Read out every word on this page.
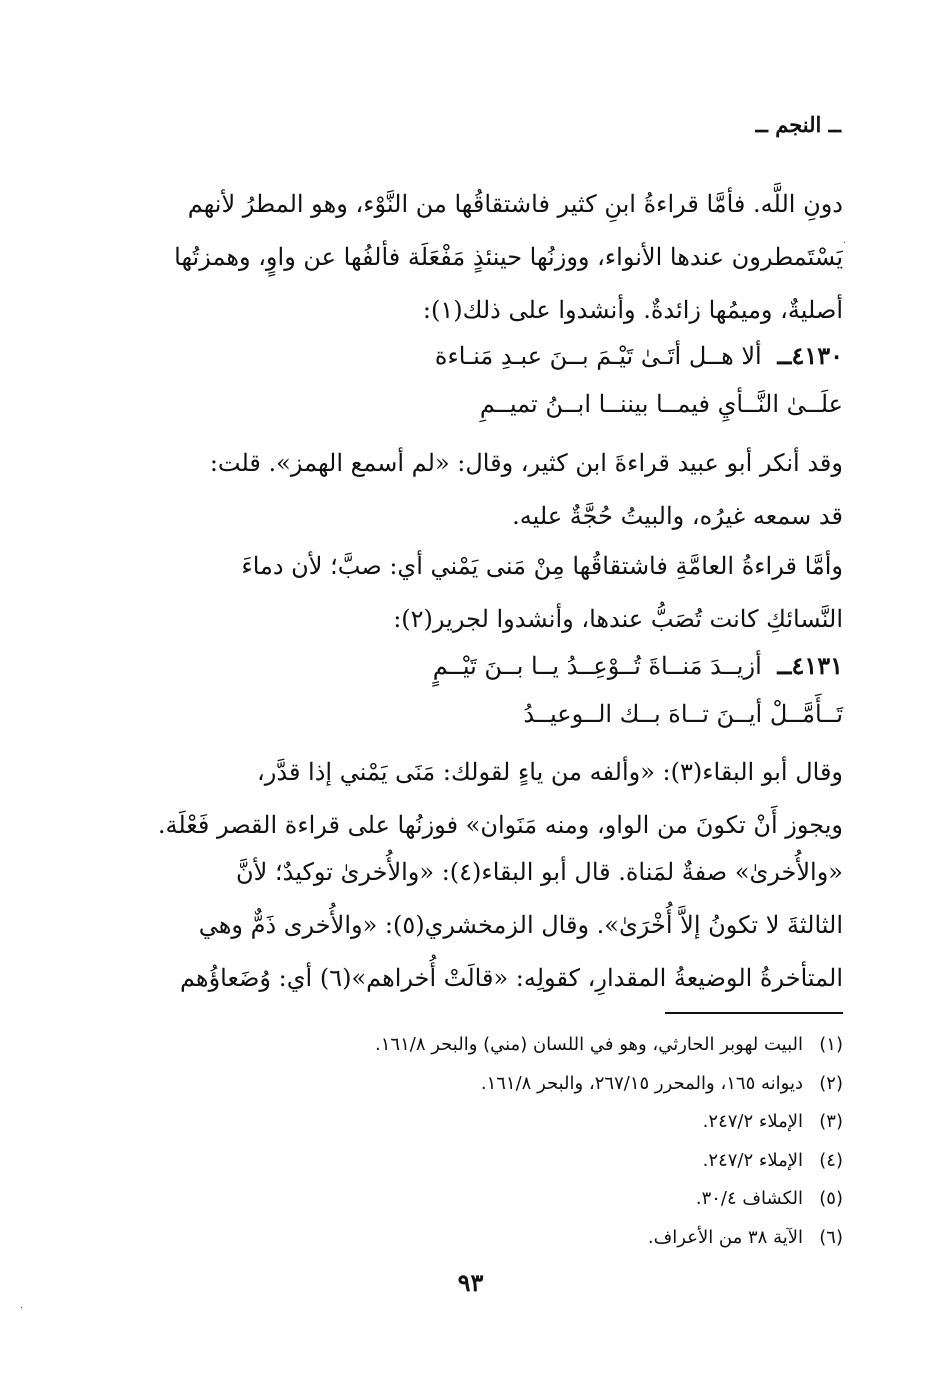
ــ النجم ــ
دونِ اللَّه. فأمَّا قراءةُ ابنِ كثير فاشتقاقُها من النَّوْء، وهو المطرُ لأنهم
يَسْتَمطرون عندها الأنواء، ووزنُها حينئذٍ مَفْعَلَة فألفُها عن واوٍ، وهمزتُها
أصليةٌ، وميمُها زائدةٌ. وأنشدوا على ذلك(١):
٤١٣٠ــ ألا هــل أتَـىٰ تَيْـمَ بــنَ عبـدِ مَنـاءة
علَــىٰ النَّــأيِ فيمــا بيننــا ابــنُ تميــمِ
وقد أنكر أبو عبيد قراءةَ ابن كثير، وقال: «لم أسمع الهمز». قلت:
قد سمعه غيرُه، والبيتُ حُجَّةٌ عليه.
وأمَّا قراءةُ العامَّةِ فاشتقاقُها مِنْ مَنى يَمْني أي: صبَّ؛ لأن دماءَ
النَّسائكِ كانت تُصَبُّ عندها، وأنشدوا لجرير(٢):
٤١٣١ــ أزيــدَ مَنــاةَ تُــوْعِــدُ يــا بــنَ تَيْــمٍ
تَــأَمَّــلْ أيــنَ تــاهَ بــك الــوعيــدُ
وقال أبو البقاء(٣): «وألفه من ياءٍ لقولك: مَنَى يَمْني إذا قدَّر،
ويجوز أَنْ تكونَ من الواو، ومنه مَنَوان» فوزنُها على قراءة القصر فَعْلَة.
«والأُخرىٰ» صفةٌ لمَناة. قال أبو البقاء(٤): «والأُخرىٰ توكيدٌ؛ لأنَّ
الثالثةَ لا تكونُ إلاَّ أُخْرَىٰ». وقال الزمخشري(٥): «والأُخرى ذَمٌّ وهي
المتأخرةُ الوضيعةُ المقدارِ، كقولِه: «قالَتْ أُخراهم»(٦) أي: وُضَعاؤُهم
(١)البيت لهوبر الحارثي، وهو في اللسان (مني) والبحر ١٦١/٨.
(٢)ديوانه ١٦٥، والمحرر ٢٦٧/١٥، والبحر ١٦١/٨.
(٣)الإملاء ٢٤٧/٢.
(٤)الإملاء ٢٤٧/٢.
(٥)الكشاف ٣٠/٤.
(٦)الآية ٣٨ من الأعراف.
٩٣
·
·
